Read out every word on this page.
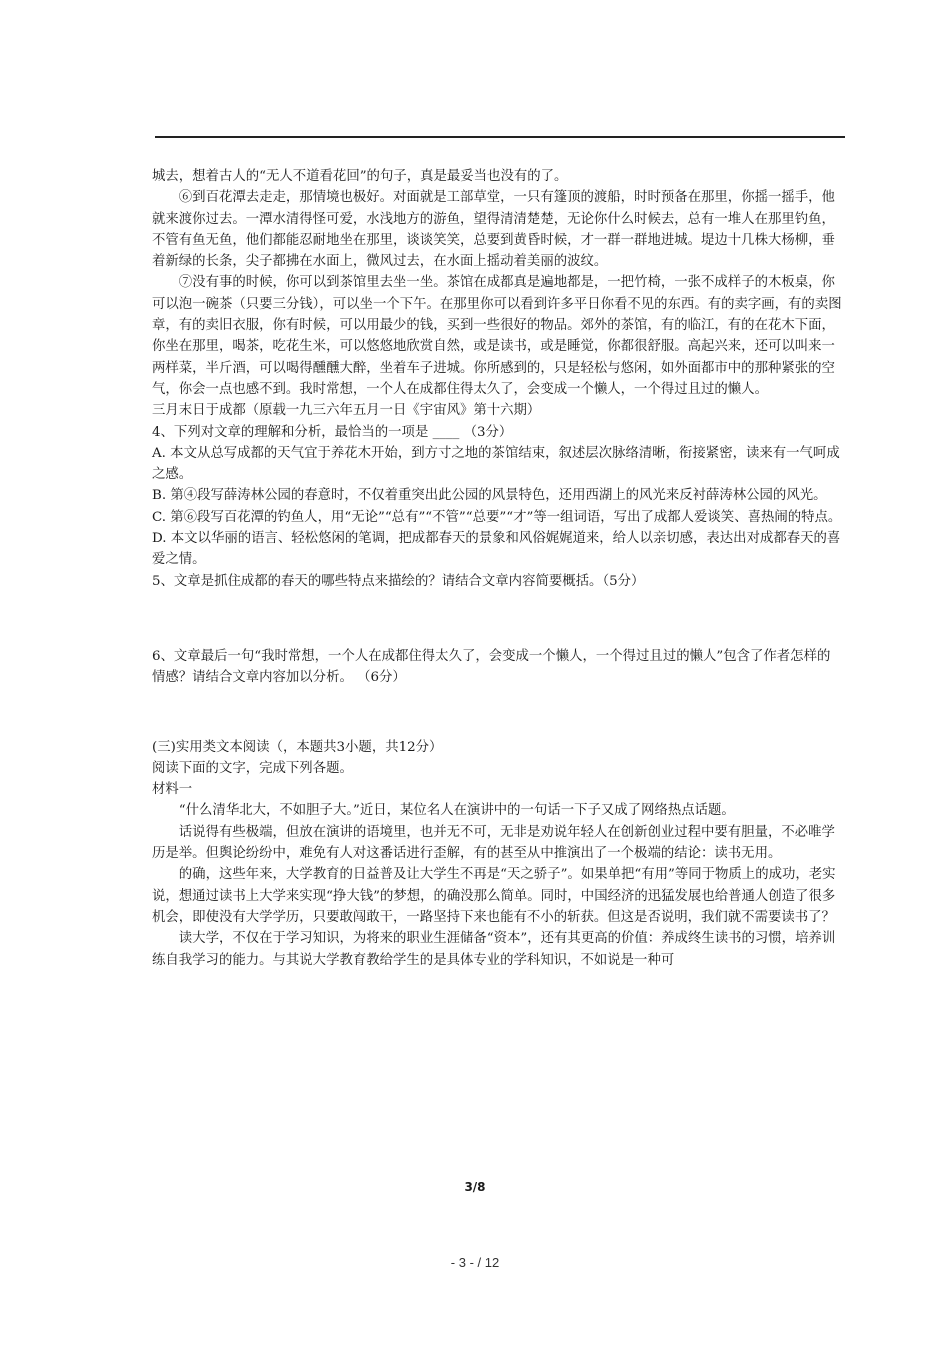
城去，想着古人的“无人不道看花回”的句子，真是最妥当也没有的了。

⑥到百花潭去走走，那情境也极好。对面就是工部草堂，一只有篷顶的渡船，时时预备在那里，你摇一摇手，他就来渡你过去。一潭水清得怪可爱，水浅地方的游鱼，望得清清楚楚，无论你什么时候去，总有一堆人在那里钓鱼，不管有鱼无鱼，他们都能忍耐地坐在那里，谈谈笑笑，总要到黄昏时候，才一群一群地进城。堤边十几株大杨柳，垂着新绿的长条，尖子都拂在水面上，微风过去，在水面上摇动着美丽的波纹。

⑦没有事的时候，你可以到茶馆里去坐一坐。茶馆在成都真是遍地都是，一把竹椅，一张不成样子的木板桌，你可以泡一碗茶（只要三分钱），可以坐一个下午。在那里你可以看到许多平日你看不见的东西。有的卖字画，有的卖图章，有的卖旧衣服，你有时候，可以用最少的钱，买到一些很好的物品。郊外的茶馆，有的临江，有的在花木下面，你坐在那里，喝茶，吃花生米，可以悠悠地欣赏自然，或是读书，或是睡觉，你都很舒服。高起兴来，还可以叫来一两样菜，半斤酒，可以喝得醺醺大醉，坐着车子进城。你所感到的，只是轻松与悠闲，如外面都市中的那种紧张的空气，你会一点也感不到。我时常想，一个人在成都住得太久了，会变成一个懒人，一个得过且过的懒人。

三月末日于成都（原载一九三六年五月一日《宇宙风》第十六期）

4、下列对文章的理解和分析，最恰当的一项是 ____ （3分）

A. 本文从总写成都的天气宜于养花木开始，到方寸之地的茶馆结束，叙述层次脉络清晰，衔接紧密，读来有一气呵成之感。

B. 第④段写薛涛林公园的春意时，不仅着重突出此公园的风景特色，还用西湖上的风光来反衬薛涛林公园的风光。

C. 第⑥段写百花潭的钓鱼人，用“无论”“总有”“不管”“总要”“才”等一组词语，写出了成都人爱谈笑、喜热闹的特点。

D. 本文以华丽的语言、轻松悠闲的笔调，把成都春天的景象和风俗娓娓道来，给人以亲切感，表达出对成都春天的喜爱之情。

5、文章是抓住成都的春天的哪些特点来描绘的？请结合文章内容简要概括。（5分）

6、文章最后一句“我时常想，一个人在成都住得太久了，会变成一个懒人，一个得过且过的懒人”包含了作者怎样的情感？请结合文章内容加以分析。 （6分）

(三)实用类文本阅读（，本题共3小题，共12分）

阅读下面的文字，完成下列各题。

材料一

“什么清华北大，不如胆子大。”近日，某位名人在演讲中的一句话一下子又成了网络热点话题。

话说得有些极端，但放在演讲的语境里，也并无不可，无非是劝说年轻人在创新创业过程中要有胆量，不必唯学历是举。但舆论纷纷中，难免有人对这番话进行歪解，有的甚至从中推演出了一个极端的结论：读书无用。

的确，这些年来，大学教育的日益普及让大学生不再是“天之骄子”。如果单把“有用”等同于物质上的成功，老实说，想通过读书上大学来实现“挣大钱”的梦想，的确没那么简单。同时，中国经济的迅猛发展也给普通人创造了很多机会，即使没有大学学历，只要敢闯敢干，一路坚持下来也能有不小的斩获。但这是否说明，我们就不需要读书了？

读大学，不仅在于学习知识，为将来的职业生涯储备“资本”，还有其更高的价值：养成终生读书的习惯，培养训练自我学习的能力。与其说大学教育教给学生的是具体专业的学科知识，不如说是一种可

3/8
- 3 - / 12
